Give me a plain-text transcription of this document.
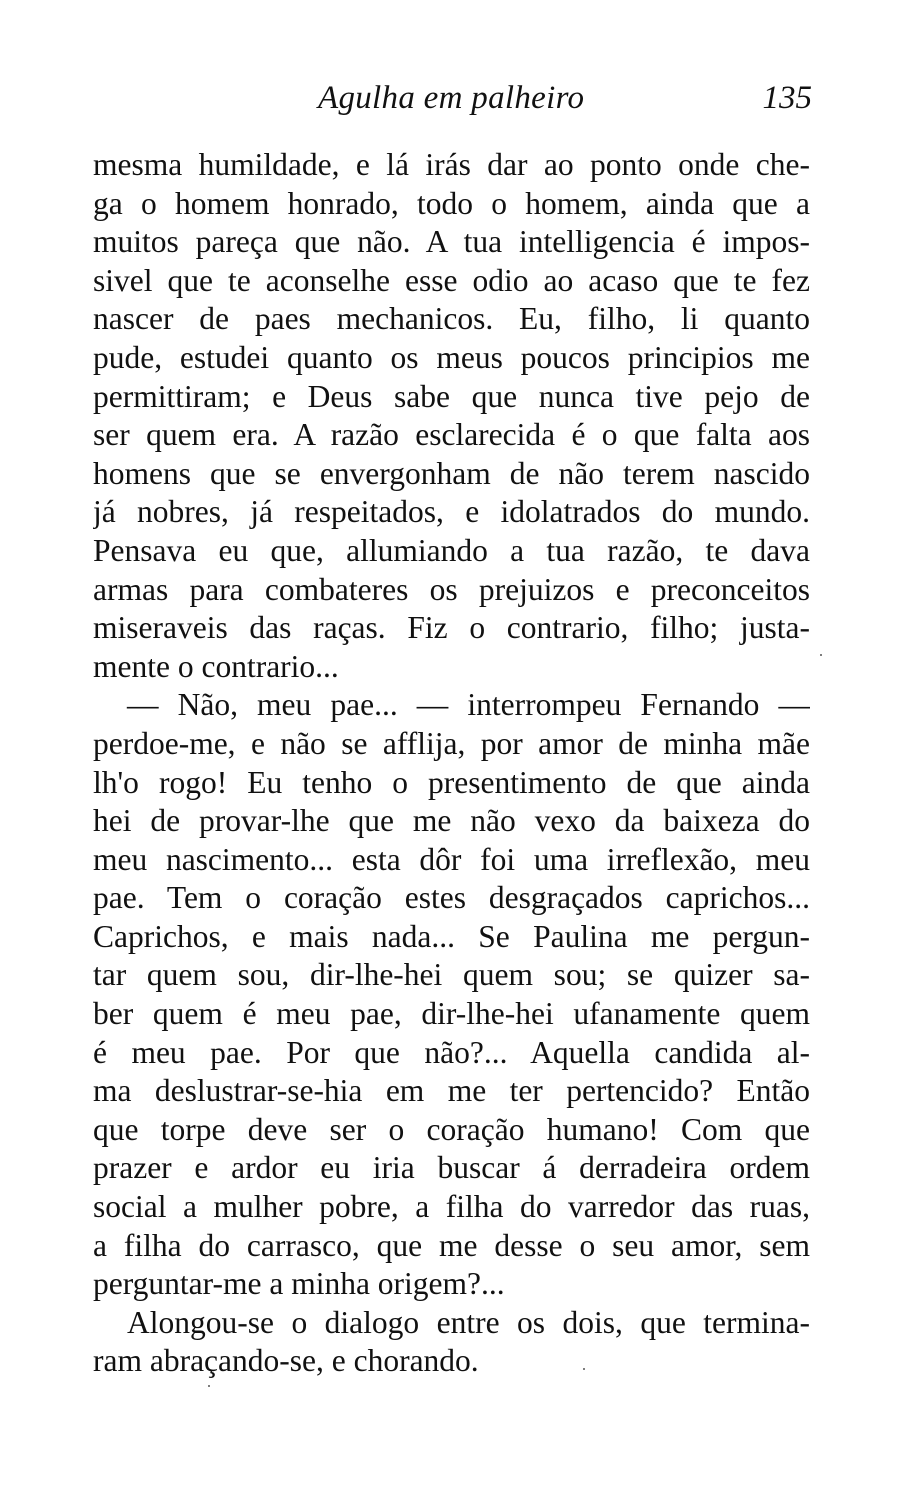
Agulha em palheiro	135
mesma humildade, e lá irás dar ao ponto onde che-
ga o homem honrado, todo o homem, ainda que a
muitos pareça que não. A tua intelligencia é impos-
sivel que te aconselhe esse odio ao acaso que te fez
nascer de paes mechanicos. Eu, filho, li quanto
pude, estudei quanto os meus poucos principios me
permittiram; e Deus sabe que nunca tive pejo de
ser quem era. A razão esclarecida é o que falta aos
homens que se envergonham de não terem nascido
já nobres, já respeitados, e idolatrados do mundo.
Pensava eu que, allumiando a tua razão, te dava
armas para combateres os prejuizos e preconceitos
miseraveis das raças. Fiz o contrario, filho; justa-
mente o contrario...
— Não, meu pae... — interrompeu Fernando —
perdoe-me, e não se afflija, por amor de minha mãe
lh'o rogo! Eu tenho o presentimento de que ainda
hei de provar-lhe que me não vexo da baixeza do
meu nascimento... esta dôr foi uma irreflexão, meu
pae. Tem o coração estes desgraçados caprichos...
Caprichos, e mais nada... Se Paulina me pergun-
tar quem sou, dir-lhe-hei quem sou; se quizer sa-
ber quem é meu pae, dir-lhe-hei ufanamente quem
é meu pae. Por que não?... Aquella candida al-
ma deslustrar-se-hia em me ter pertencido? Então
que torpe deve ser o coração humano! Com que
prazer e ardor eu iria buscar á derradeira ordem
social a mulher pobre, a filha do varredor das ruas,
a filha do carrasco, que me desse o seu amor, sem
perguntar-me a minha origem?...
Alongou-se o dialogo entre os dois, que termina-
ram abraçando-se, e chorando.
